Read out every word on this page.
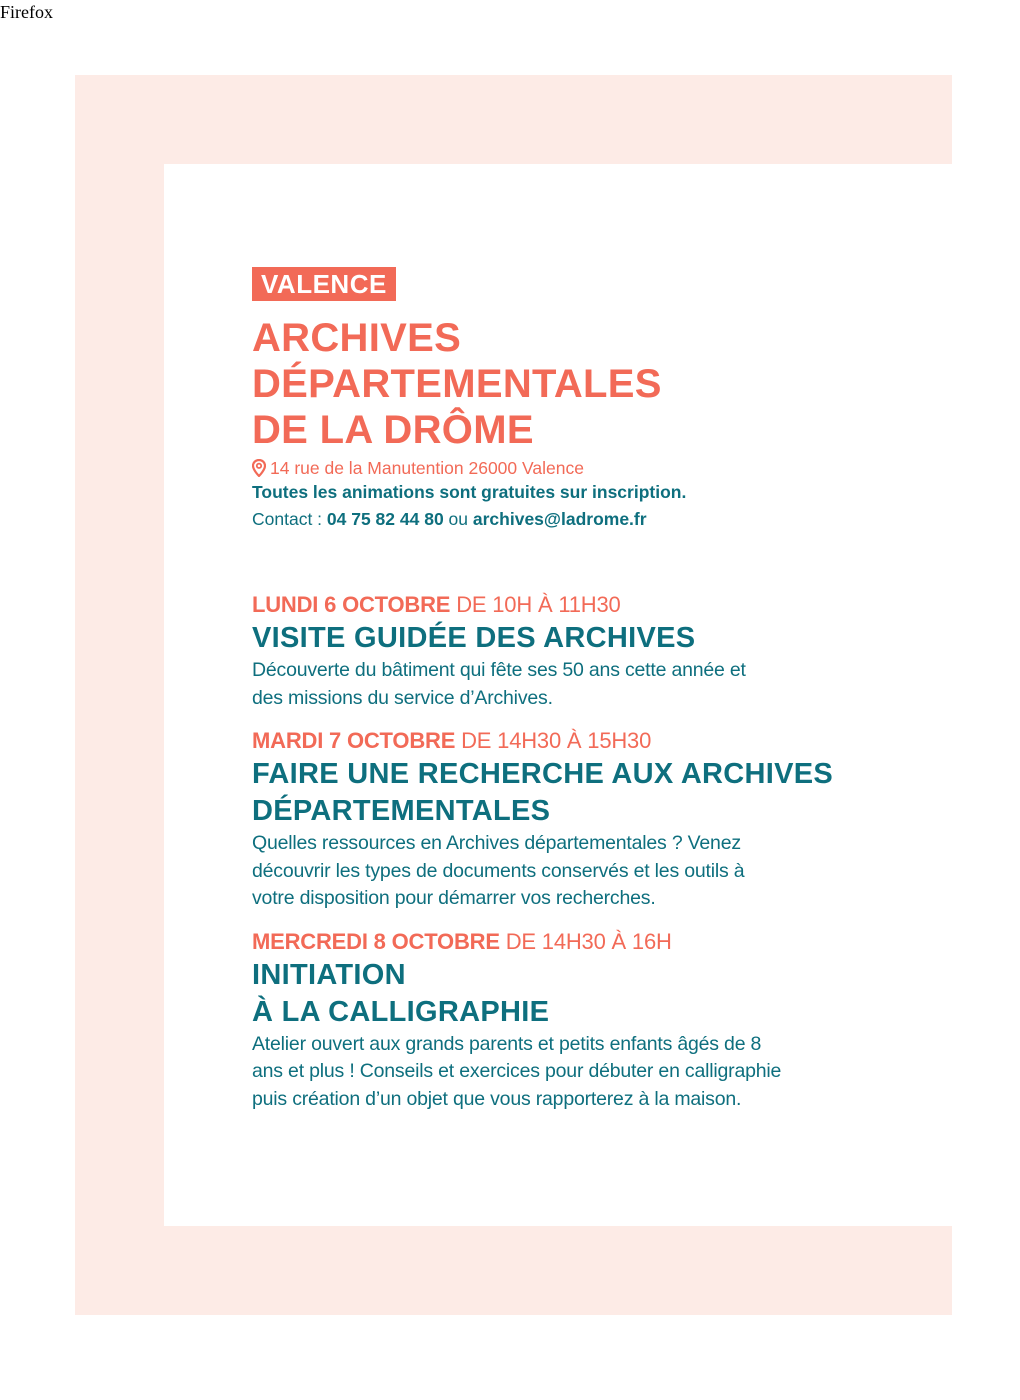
Firefox
VALENCE
ARCHIVES
DÉPARTEMENTALES
DE LA DRÔME
14 rue de la Manutention 26000 Valence
Toutes les animations sont gratuites sur inscription.
Contact : 04 75 82 44 80 ou archives@ladrome.fr
LUNDI 6 OCTOBRE DE 10H À 11H30
VISITE GUIDÉE DES ARCHIVES
Découverte du bâtiment qui fête ses 50 ans cette année et
des missions du service d’Archives.
MARDI 7 OCTOBRE DE 14H30 À 15H30
FAIRE UNE RECHERCHE AUX ARCHIVES
DÉPARTEMENTALES
Quelles ressources en Archives départementales ? Venez
découvrir les types de documents conservés et les outils à
votre disposition pour démarrer vos recherches.
MERCREDI 8 OCTOBRE DE 14H30 À 16H
INITIATION
À LA CALLIGRAPHIE
Atelier ouvert aux grands parents et petits enfants âgés de 8
ans et plus ! Conseils et exercices pour débuter en calligraphie
puis création d’un objet que vous rapporterez à la maison.
